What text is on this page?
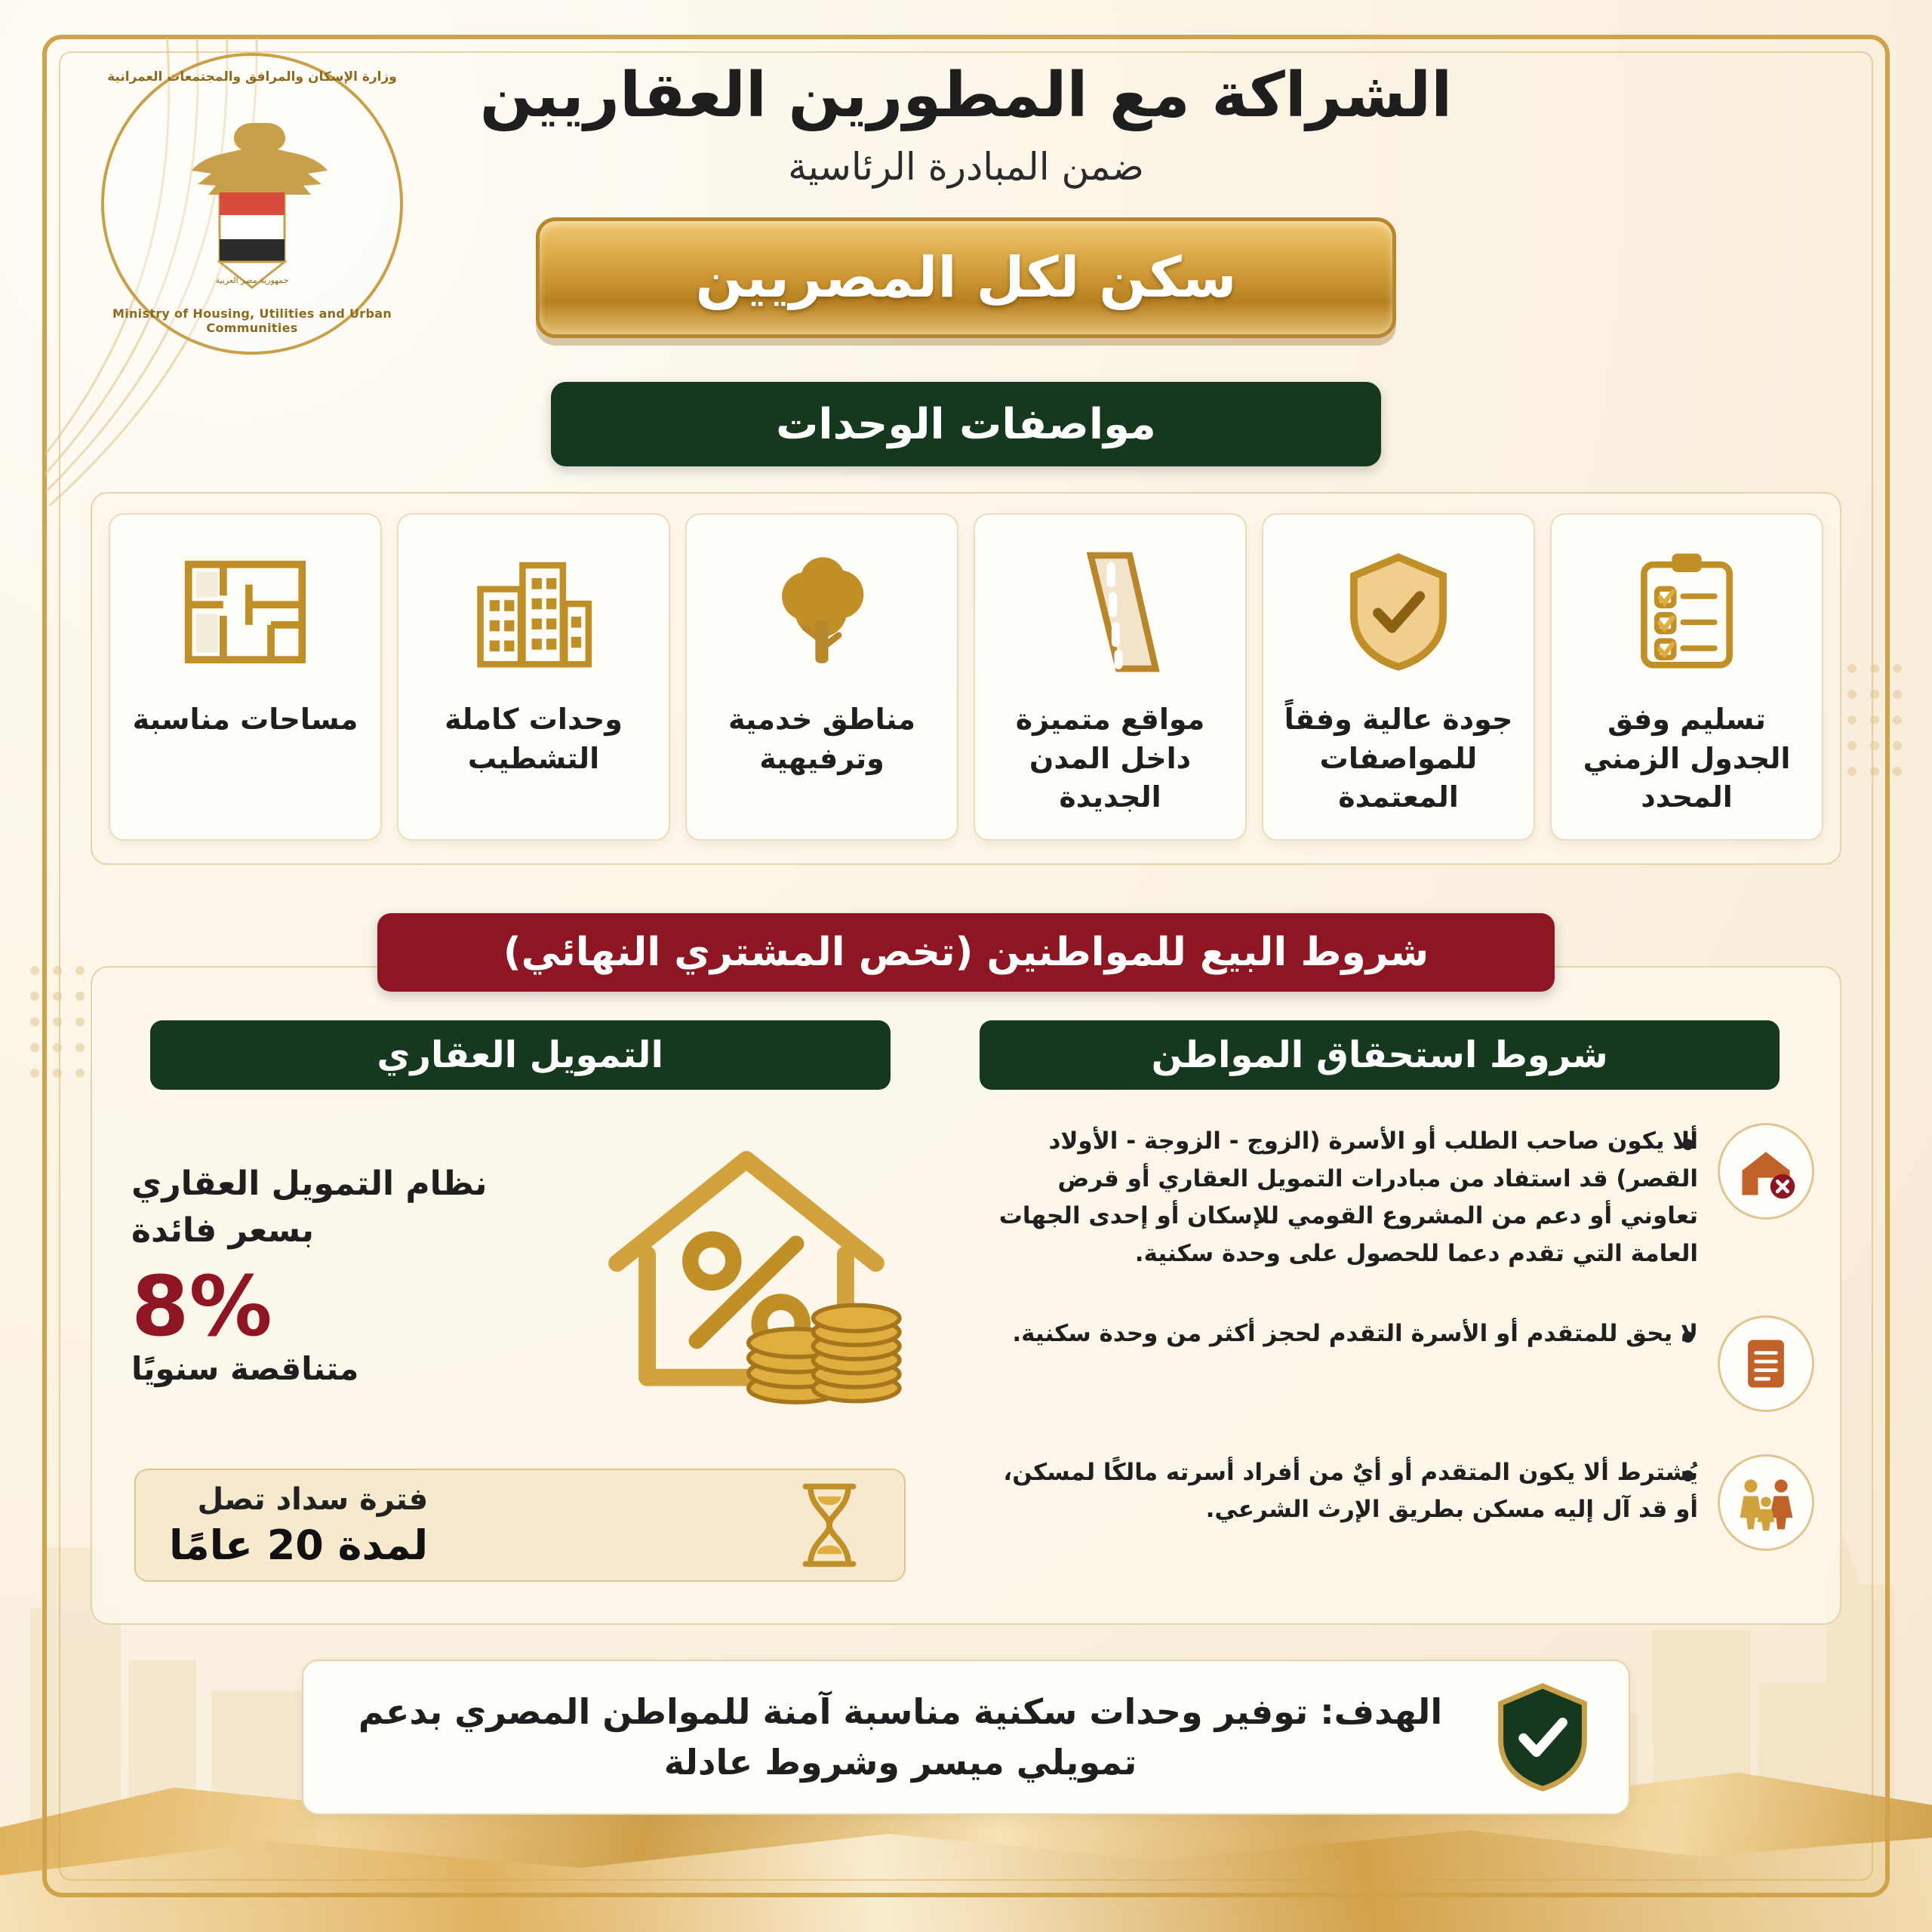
وزارة الإسكان والمرافق والمجتمعات العمرانية
جمهورية مصر العربية
Ministry of Housing, Utilities and Urban Communities
الشراكة مع المطورين العقاريين
ضمن المبادرة الرئاسية
سكن لكل المصريين
مواصفات الوحدات
تسليم وفق الجدول الزمني المحدد
جودة عالية وفقاً للمواصفات المعتمدة
مواقع متميزة داخل المدن الجديدة
مناطق خدمية وترفيهية
وحدات كاملة التشطيب
مساحات مناسبة
شروط البيع للمواطنين (تخص المشتري النهائي)
التمويل العقاري
نظام التمويل العقاري
بسعر فائدة
8%
متناقصة سنويًا
فترة سداد تصل
لمدة 20 عامًا
شروط استحقاق المواطن
• ألا يكون صاحب الطلب أو الأسرة (الزوج - الزوجة - الأولاد القصر) قد استفاد من مبادرات التمويل العقاري أو قرض تعاوني أو دعم من المشروع القومي للإسكان أو إحدى الجهات العامة التي تقدم دعما للحصول على وحدة سكنية.
• لا يحق للمتقدم أو الأسرة التقدم لحجز أكثر من وحدة سكنية.
• يُشترط ألا يكون المتقدم أو أيٌ من أفراد أسرته مالكًا لمسكن، أو قد آل إليه مسكن بطريق الإرث الشرعي.
الهدف: توفير وحدات سكنية مناسبة آمنة للمواطن المصري بدعم تمويلي ميسر وشروط عادلة
